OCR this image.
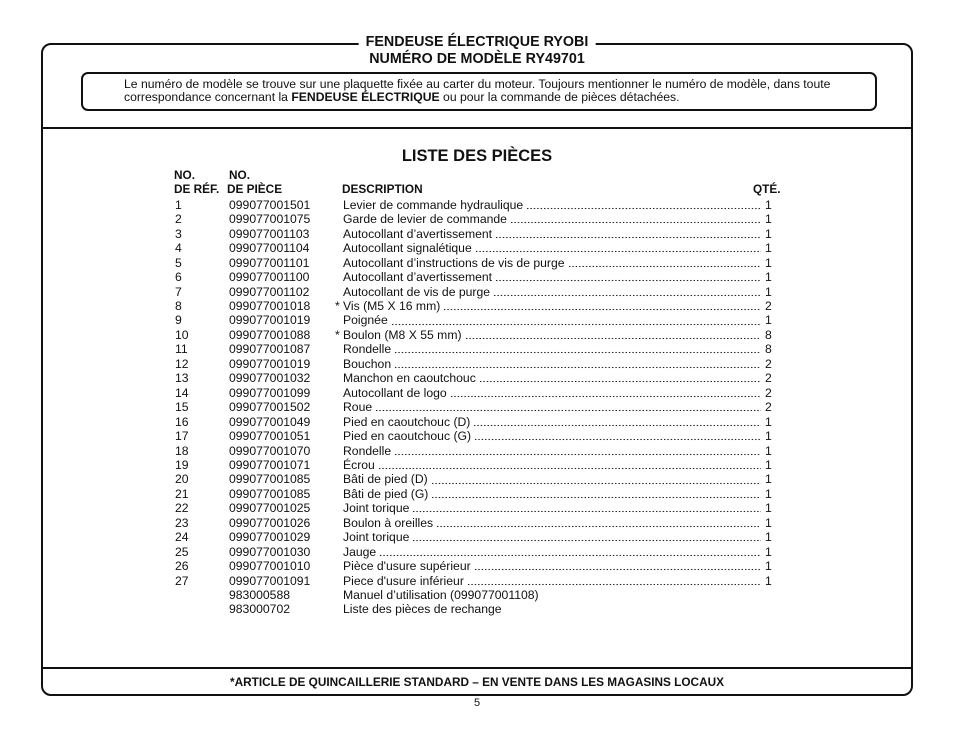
FENDEUSE ÉLECTRIQUE RYOBI
NUMÉRO DE MODÈLE RY49701
Le numéro de modèle se trouve sur une plaquette fixée au carter du moteur. Toujours mentionner le numéro de modèle, dans toute
correspondance concernant la FENDEUSE ÉLECTRIQUE ou pour la commande de pièces détachées.
LISTE DES PIÈCES
NO.
DE RÉF.
NO.
DE PIÈCE	DESCRIPTION	QTÉ.
1	099077001501	Levier de commande hydraulique	1
2	099077001075	Garde de levier de commande	1
3	099077001103	Autocollant d’avertissement	1
4	099077001104	Autocollant signalétique	1
5	099077001101	Autocollant d’instructions de vis de purge	1
6	099077001100	Autocollant d’avertissement	1
7	099077001102	Autocollant de vis de purge	1
8	099077001018	* Vis (M5 X 16 mm)	2
9	099077001019	Poignée	1
10	099077001088	* Boulon (M8 X 55 mm)	8
11	099077001087	Rondelle	8
12	099077001019	Bouchon	2
13	099077001032	Manchon en caoutchouc	2
14	099077001099	Autocollant de logo	2
15	099077001502	Roue	2
16	099077001049	Pied en caoutchouc (D)	1
17	099077001051	Pied en caoutchouc (G)	1
18	099077001070	Rondelle	1
19	099077001071	Écrou	1
20	099077001085	Bâti de pied (D)	1
21	099077001085	Bâti de pied (G)	1
22	099077001025	Joint torique	1
23	099077001026	Boulon à oreilles	1
24	099077001029	Joint torique	1
25	099077001030	Jauge	1
26	099077001010	Pièce d'usure supérieur	1
27	099077001091	Piece d'usure inférieur	1
983000588	Manuel d’utilisation (099077001108)
983000702	Liste des pièces de rechange
*ARTICLE DE QUINCAILLERIE STANDARD – EN VENTE DANS LES MAGASINS LOCAUX
5
